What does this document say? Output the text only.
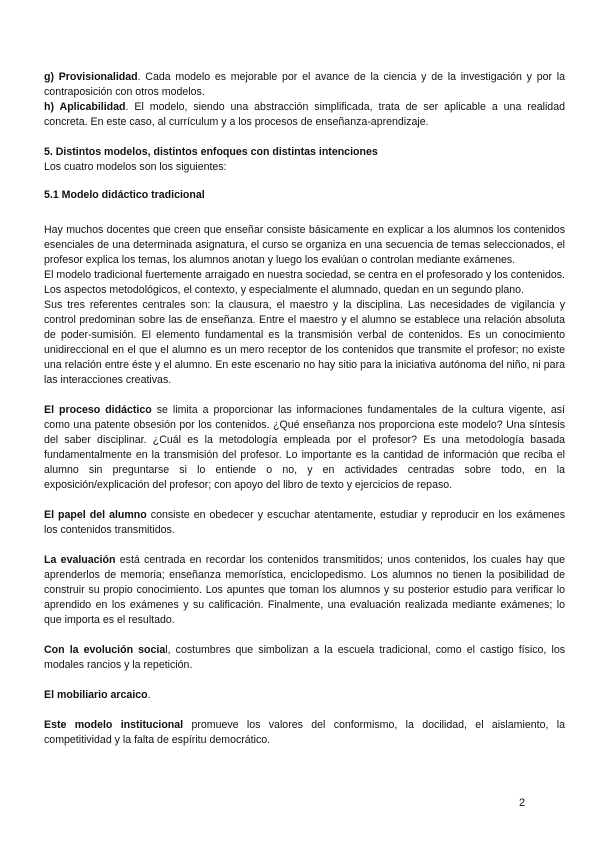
g) Provisionalidad. Cada modelo es mejorable por el avance de la ciencia y de la investigación y por la contraposición con otros modelos.

h) Aplicabilidad. El modelo, siendo una abstracción simplificada, trata de ser aplicable a una realidad concreta. En este caso, al currículum y a los procesos de enseñanza-aprendizaje.

5. Distintos modelos, distintos enfoques con distintas intenciones

Los cuatro modelos son los siguientes:

5.1 Modelo didáctico tradicional

Hay muchos docentes que creen que enseñar consiste básicamente en explicar a los alumnos los contenidos esenciales de una determinada asignatura, el curso se organiza en una secuencia de temas seleccionados, el profesor explica los temas, los alumnos anotan y luego los evalúan o controlan mediante exámenes.

El modelo tradicional fuertemente arraigado en nuestra sociedad, se centra en el profesorado y los contenidos. Los aspectos metodológicos, el contexto, y especialmente el alumnado, quedan en un segundo plano.

Sus tres referentes centrales son: la clausura, el maestro y la disciplina. Las necesidades de vigilancia y control predominan sobre las de enseñanza. Entre el maestro y el alumno se establece una relación absoluta de poder-sumisión. El elemento fundamental es la transmisión verbal de contenidos. Es un conocimiento unidireccional en el que el alumno es un mero receptor de los contenidos que transmite el profesor; no existe una relación entre éste y el alumno. En este escenario no hay sitio para la iniciativa autónoma del niño, ni para las interacciones creativas.

El proceso didáctico se limita a proporcionar las informaciones fundamentales de la cultura vigente, así como una patente obsesión por los contenidos. ¿Qué enseñanza nos proporciona este modelo? Una síntesis del saber disciplinar. ¿Cuál es la metodología empleada por el profesor? Es una metodología basada fundamentalmente en la transmisión del profesor. Lo importante es la cantidad de información que reciba el alumno sin preguntarse si lo entiende o no, y en actividades centradas sobre todo, en la exposición/explicación del profesor; con apoyo del libro de texto y ejercicios de repaso.

El papel del alumno consiste en obedecer y escuchar atentamente, estudiar y reproducir en los exámenes los contenidos transmitidos.

La evaluación está centrada en recordar los contenidos transmitidos; unos contenidos, los cuales hay que aprenderlos de memoria; enseñanza memorística, enciclopedismo. Los alumnos no tienen la posibilidad de construir su propio conocimiento. Los apuntes que toman los alumnos y su posterior estudio para verificar lo aprendido en los exámenes y su calificación. Finalmente, una evaluación realizada mediante exámenes; lo que importa es el resultado.

Con la evolución social, costumbres que simbolizan a la escuela tradicional, como el castigo físico, los modales rancios y la repetición.

El mobiliario arcaico.

Este modelo institucional promueve los valores del conformismo, la docilidad, el aislamiento, la competitividad y la falta de espíritu democrático.

2
